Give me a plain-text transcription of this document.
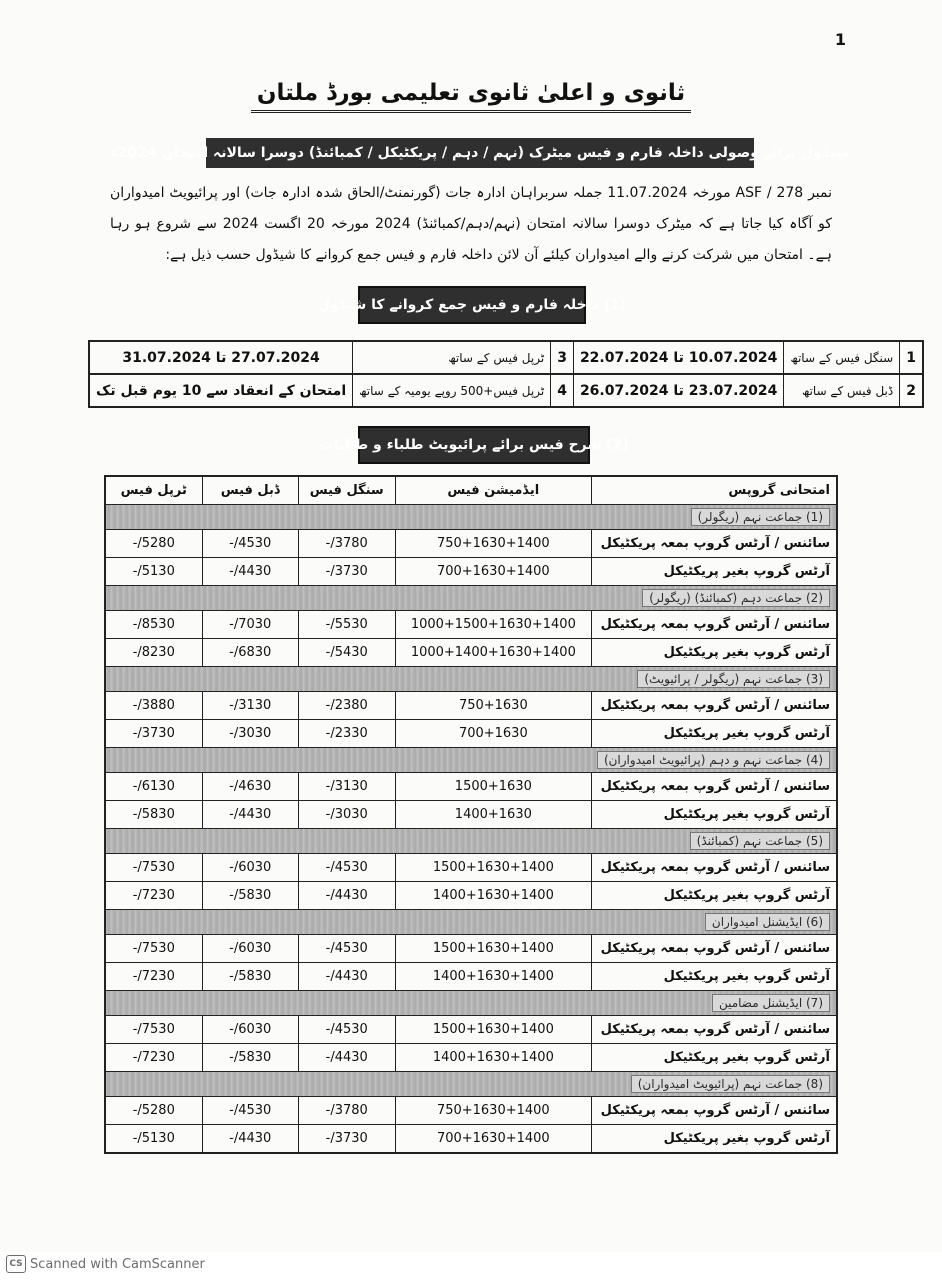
1
ثانوی و اعلیٰ ثانوی تعلیمی بورڈ ملتان
شیڈول برائے وصولی داخلہ فارم و فیس میٹرک (نہم / دہم / پریکٹیکل / کمبائنڈ) دوسرا سالانہ امتحان 2024ء
نمبر 278 / ASF مورخہ 11.07.2024 جملہ سربراہان ادارہ جات (گورنمنٹ/الحاق شدہ ادارہ جات) اور پرائیویٹ امیدواران کو آگاہ کیا جاتا ہے کہ میٹرک دوسرا سالانہ امتحان (نہم/دہم/کمبائنڈ) 2024 مورخہ 20 اگست 2024 سے شروع ہو رہا ہے۔ امتحان میں شرکت کرنے والے امیدواران کیلئے آن لائن داخلہ فارم و فیس جمع کروانے کا شیڈول حسب ذیل ہے:
(1) داخلہ فارم و فیس جمع کروانے کا شیڈول
1	سنگل فیس کے ساتھ	10.07.2024 تا 22.07.2024	3	ٹرپل فیس کے ساتھ	27.07.2024 تا 31.07.2024
2	ڈبل فیس کے ساتھ	23.07.2024 تا 26.07.2024	4	ٹرپل فیس+500 روپے یومیہ کے ساتھ	امتحان کے انعقاد سے 10 یوم قبل تک
(2) شرح فیس برائے پرائیویٹ طلباء و طالبات
امتحانی گروپس	ایڈمیشن فیس	سنگل فیس	ڈبل فیس	ٹرپل فیس
(1) جماعت نہم (ریگولر)				
سائنس / آرٹس گروپ بمعہ پریکٹیکل	750+1630+1400	3780/-	4530/-	5280/-
آرٹس گروپ بغیر پریکٹیکل	700+1630+1400	3730/-	4430/-	5130/-
(2) جماعت دہم (کمبائنڈ) (ریگولر)				
سائنس / آرٹس گروپ بمعہ پریکٹیکل	1000+1500+1630+1400	5530/-	7030/-	8530/-
آرٹس گروپ بغیر پریکٹیکل	1000+1400+1630+1400	5430/-	6830/-	8230/-
(3) جماعت نہم (ریگولر / پرائیویٹ)				
سائنس / آرٹس گروپ بمعہ پریکٹیکل	750+1630	2380/-	3130/-	3880/-
آرٹس گروپ بغیر پریکٹیکل	700+1630	2330/-	3030/-	3730/-
(4) جماعت نہم و دہم (پرائیویٹ امیدواران)				
سائنس / آرٹس گروپ بمعہ پریکٹیکل	1500+1630	3130/-	4630/-	6130/-
آرٹس گروپ بغیر پریکٹیکل	1400+1630	3030/-	4430/-	5830/-
(5) جماعت نہم (کمبائنڈ)				
سائنس / آرٹس گروپ بمعہ پریکٹیکل	1500+1630+1400	4530/-	6030/-	7530/-
آرٹس گروپ بغیر پریکٹیکل	1400+1630+1400	4430/-	5830/-	7230/-
(6) ایڈیشنل امیدواران				
سائنس / آرٹس گروپ بمعہ پریکٹیکل	1500+1630+1400	4530/-	6030/-	7530/-
آرٹس گروپ بغیر پریکٹیکل	1400+1630+1400	4430/-	5830/-	7230/-
(7) ایڈیشنل مضامین				
سائنس / آرٹس گروپ بمعہ پریکٹیکل	1500+1630+1400	4530/-	6030/-	7530/-
آرٹس گروپ بغیر پریکٹیکل	1400+1630+1400	4430/-	5830/-	7230/-
(8) جماعت نہم (پرائیویٹ امیدواران)				
سائنس / آرٹس گروپ بمعہ پریکٹیکل	750+1630+1400	3780/-	4530/-	5280/-
آرٹس گروپ بغیر پریکٹیکل	700+1630+1400	3730/-	4430/-	5130/-
CS Scanned with CamScanner
